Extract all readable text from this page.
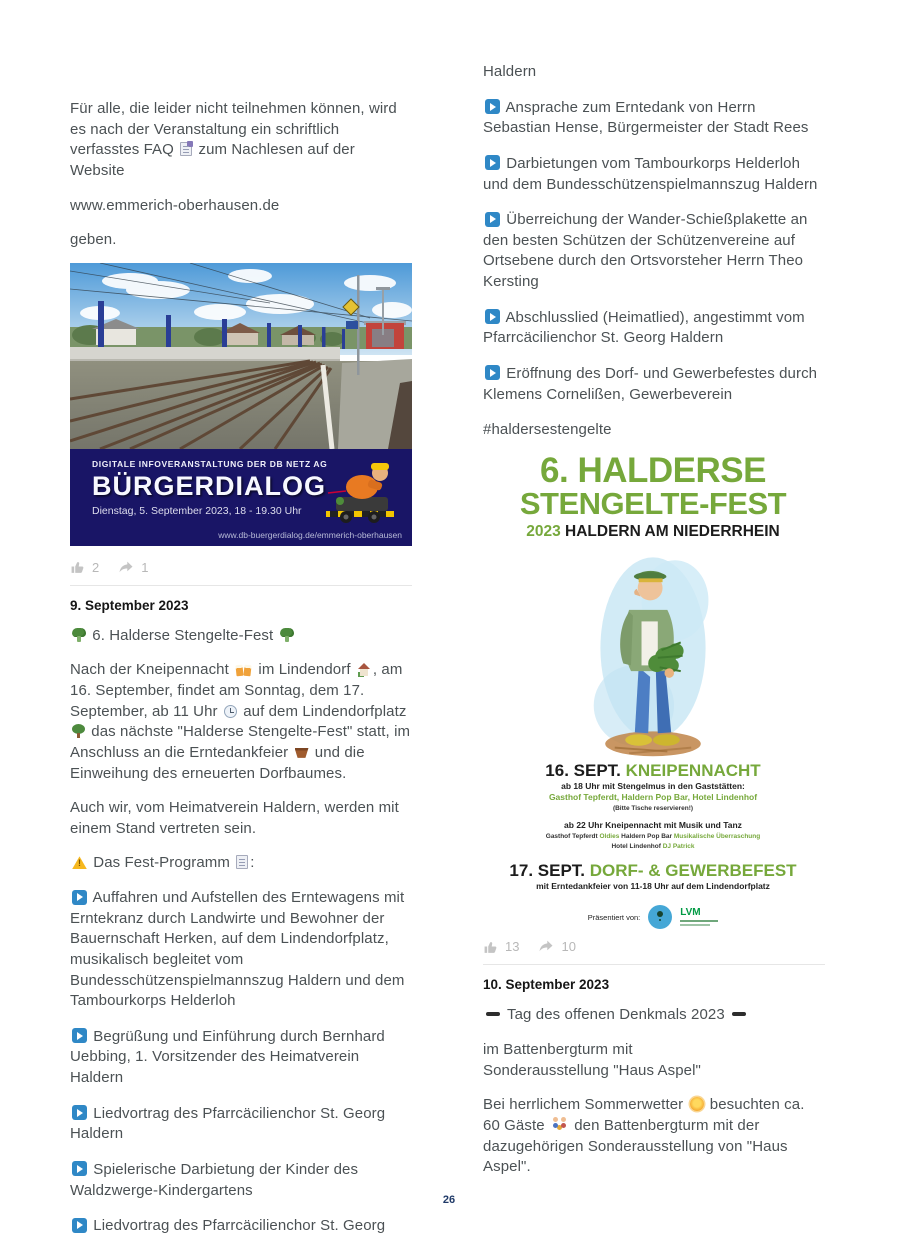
Für alle, die leider nicht teilnehmen können, wird es nach der Veranstaltung ein schriftlich verfasstes FAQ  zum Nachlesen auf der Website

www.emmerich-oberhausen.de

geben.

DIGITALE INFOVERANSTALTUNG DER DB NETZ AG
BÜRGERDIALOG
Dienstag, 5. September 2023, 18 - 19.30 Uhr
www.db-buergerdialog.de/emmerich-oberhausen
2	1
9. September 2023

6. Halderse Stengelte-Fest

Nach der Kneipennacht  im Lindendorf , am 16. September, findet am Sonntag, dem 17. September, ab 11 Uhr  auf dem Lindendorfplatz  das nächste "Halderse Stengelte-Fest" statt, im Anschluss an die Erntedankfeier  und die Einweihung des erneuerten Dorfbaumes.

Auch wir, vom Heimatverein Haldern, werden mit einem Stand vertreten sein.

! Das Fest-Programm :

Auffahren und Aufstellen des Erntewagens mit Erntekranz durch Landwirte und Bewohner der Bauernschaft Herken, auf dem Lindendorfplatz, musikalisch begleitet vom Bundesschützenspielmannszug Haldern und dem Tambourkorps Helderloh

Begrüßung und Einführung durch Bernhard Uebbing, 1. Vorsitzender des Heimatverein Haldern

Liedvortrag des Pfarrcäcilienchor St. Georg Haldern

Spielerische Darbietung der Kinder des Waldzwerge-Kindergartens

Liedvortrag des Pfarrcäcilienchor St. Georg

Haldern

Ansprache zum Erntedank von Herrn Sebastian Hense, Bürgermeister der Stadt Rees

Darbietungen vom Tambourkorps Helderloh und dem Bundesschützenspielmannszug Haldern

Überreichung der Wander-Schießplakette an den besten Schützen der Schützenvereine auf Ortsebene durch den Ortsvorsteher Herrn Theo Kersting

Abschlusslied (Heimatlied), angestimmt vom Pfarrcäcilienchor St. Georg Haldern

Eröffnung des Dorf- und Gewerbefestes durch Klemens Cornelißen, Gewerbeverein

#haldersestengelte

6. HALDERSE
STENGELTE-FEST
2023 HALDERN AM NIEDERRHEIN
16. SEPT. KNEIPENNACHT
ab 18 Uhr mit Stengelmus in den Gaststätten:
Gasthof Tepferdt, Haldern Pop Bar, Hotel Lindenhof
(Bitte Tische reservieren!)
ab 22 Uhr Kneipennacht mit Musik und Tanz
Gasthof Tepferdt Oldies Haldern Pop Bar Musikalische Überraschung
Hotel Lindenhof DJ Patrick
17. SEPT. DORF- & GEWERBEFEST
mit Erntedankfeier von 11-18 Uhr auf dem Lindendorfplatz
Präsentiert von:	LVM
13	10
10. September 2023

Tag des offenen Denkmals 2023

im Battenbergturm mit
Sonderausstellung "Haus Aspel"

Bei herrlichem Sommerwetter  besuchten ca. 60 Gäste  den Battenbergturm mit der dazugehörigen Sonderausstellung von "Haus Aspel".

26
